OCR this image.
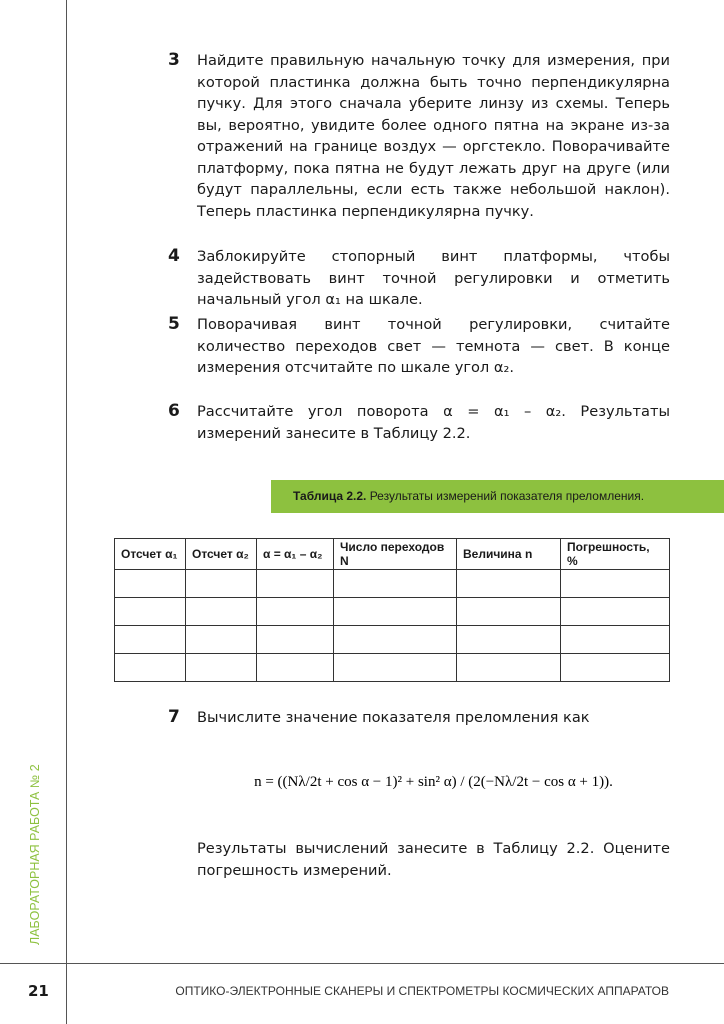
3 Найдите правильную начальную точку для измерения, при которой пластинка должна быть точно перпендикулярна пучку. Для этого сначала уберите линзу из схемы. Теперь вы, вероятно, увидите более одного пятна на экране из-за отражений на границе воздух — оргстекло. Поворачивайте платформу, пока пятна не будут лежать друг на друге (или будут параллельны, если есть также небольшой наклон). Теперь пластинка перпендикулярна пучку.
4 Заблокируйте стопорный винт платформы, чтобы задействовать винт точной регулировки и отметить начальный угол α₁ на шкале.
5 Поворачивая винт точной регулировки, считайте количество переходов свет — темнота — свет. В конце измерения отсчитайте по шкале угол α₂.
6 Рассчитайте угол поворота α = α₁ – α₂. Результаты измерений занесите в Таблицу 2.2.
Таблица 2.2. Результаты измерений показателя преломления.
Отсчет α₁	Отсчет α₂	α = α₁ – α₂	Число переходов N	Величина n	Погрешность, %

7 Вычислите значение показателя преломления как
n = ((Nλ/2t + cos α − 1)² + sin² α) / (2(−Nλ/2t − cos α + 1)).
Результаты вычислений занесите в Таблицу 2.2. Оцените погрешность измерений.
ЛАБОРАТОРНАЯ РАБОТА № 2
21	ОПТИКО-ЭЛЕКТРОННЫЕ СКАНЕРЫ И СПЕКТРОМЕТРЫ КОСМИЧЕСКИХ АППАРАТОВ
